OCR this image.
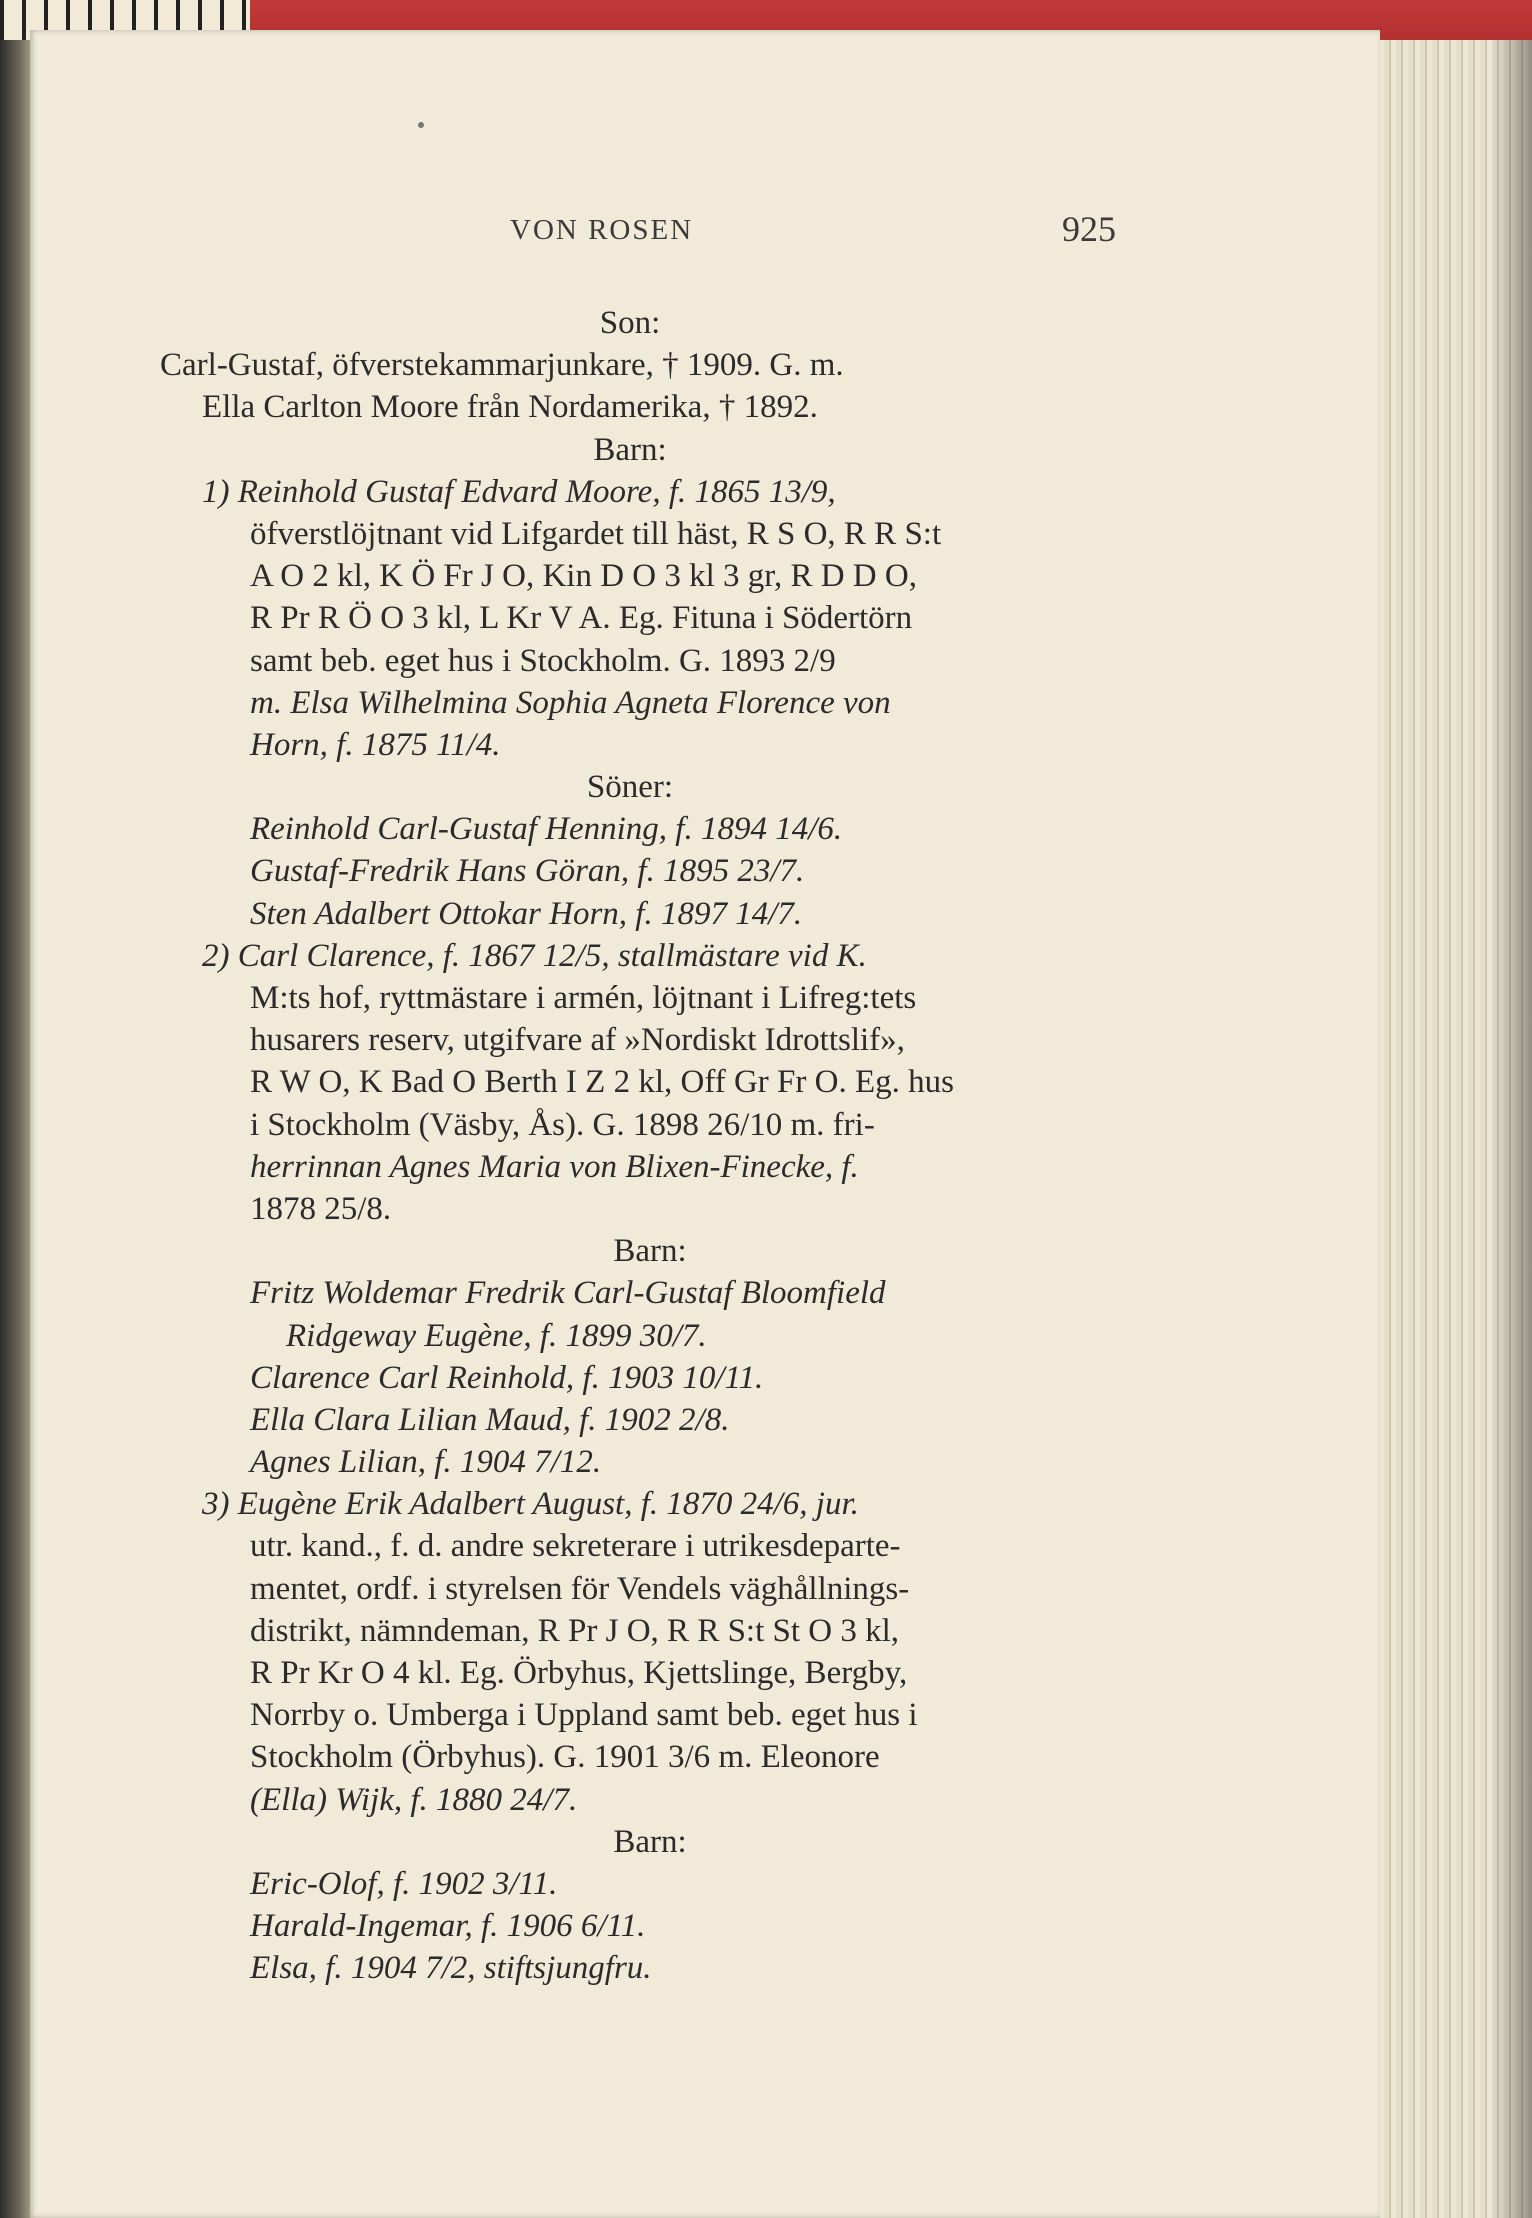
VON ROSEN	925
Son:
Carl-Gustaf, öfverstekammarjunkare, † 1909. G. m.
Ella Carlton Moore från Nordamerika, † 1892.
Barn:
1) Reinhold Gustaf Edvard Moore, f. 1865 13/9,
öfverstlöjtnant vid Lifgardet till häst, R S O, R R S:t
A O 2 kl, K Ö Fr J O, Kin D O 3 kl 3 gr, R D D O,
R Pr R Ö O 3 kl, L Kr V A. Eg. Fituna i Södertörn
samt beb. eget hus i Stockholm. G. 1893 2/9
m. Elsa Wilhelmina Sophia Agneta Florence von
Horn, f. 1875 11/4.
Söner:
Reinhold Carl-Gustaf Henning, f. 1894 14/6.
Gustaf-Fredrik Hans Göran, f. 1895 23/7.
Sten Adalbert Ottokar Horn, f. 1897 14/7.
2) Carl Clarence, f. 1867 12/5, stallmästare vid K.
M:ts hof, ryttmästare i armén, löjtnant i Lifreg:tets
husarers reserv, utgifvare af »Nordiskt Idrottslif»,
R W O, K Bad O Berth I Z 2 kl, Off Gr Fr O. Eg. hus
i Stockholm (Väsby, Ås). G. 1898 26/10 m. fri-
herrinnan Agnes Maria von Blixen-Finecke, f.
1878 25/8.
Barn:
Fritz Woldemar Fredrik Carl-Gustaf Bloomfield
Ridgeway Eugène, f. 1899 30/7.
Clarence Carl Reinhold, f. 1903 10/11.
Ella Clara Lilian Maud, f. 1902 2/8.
Agnes Lilian, f. 1904 7/12.
3) Eugène Erik Adalbert August, f. 1870 24/6, jur.
utr. kand., f. d. andre sekreterare i utrikesdeparte-
mentet, ordf. i styrelsen för Vendels väghållnings-
distrikt, nämndeman, R Pr J O, R R S:t St O 3 kl,
R Pr Kr O 4 kl. Eg. Örbyhus, Kjettslinge, Bergby,
Norrby o. Umberga i Uppland samt beb. eget hus i
Stockholm (Örbyhus). G. 1901 3/6 m. Eleonore
(Ella) Wijk, f. 1880 24/7.
Barn:
Eric-Olof, f. 1902 3/11.
Harald-Ingemar, f. 1906 6/11.
Elsa, f. 1904 7/2, stiftsjungfru.
